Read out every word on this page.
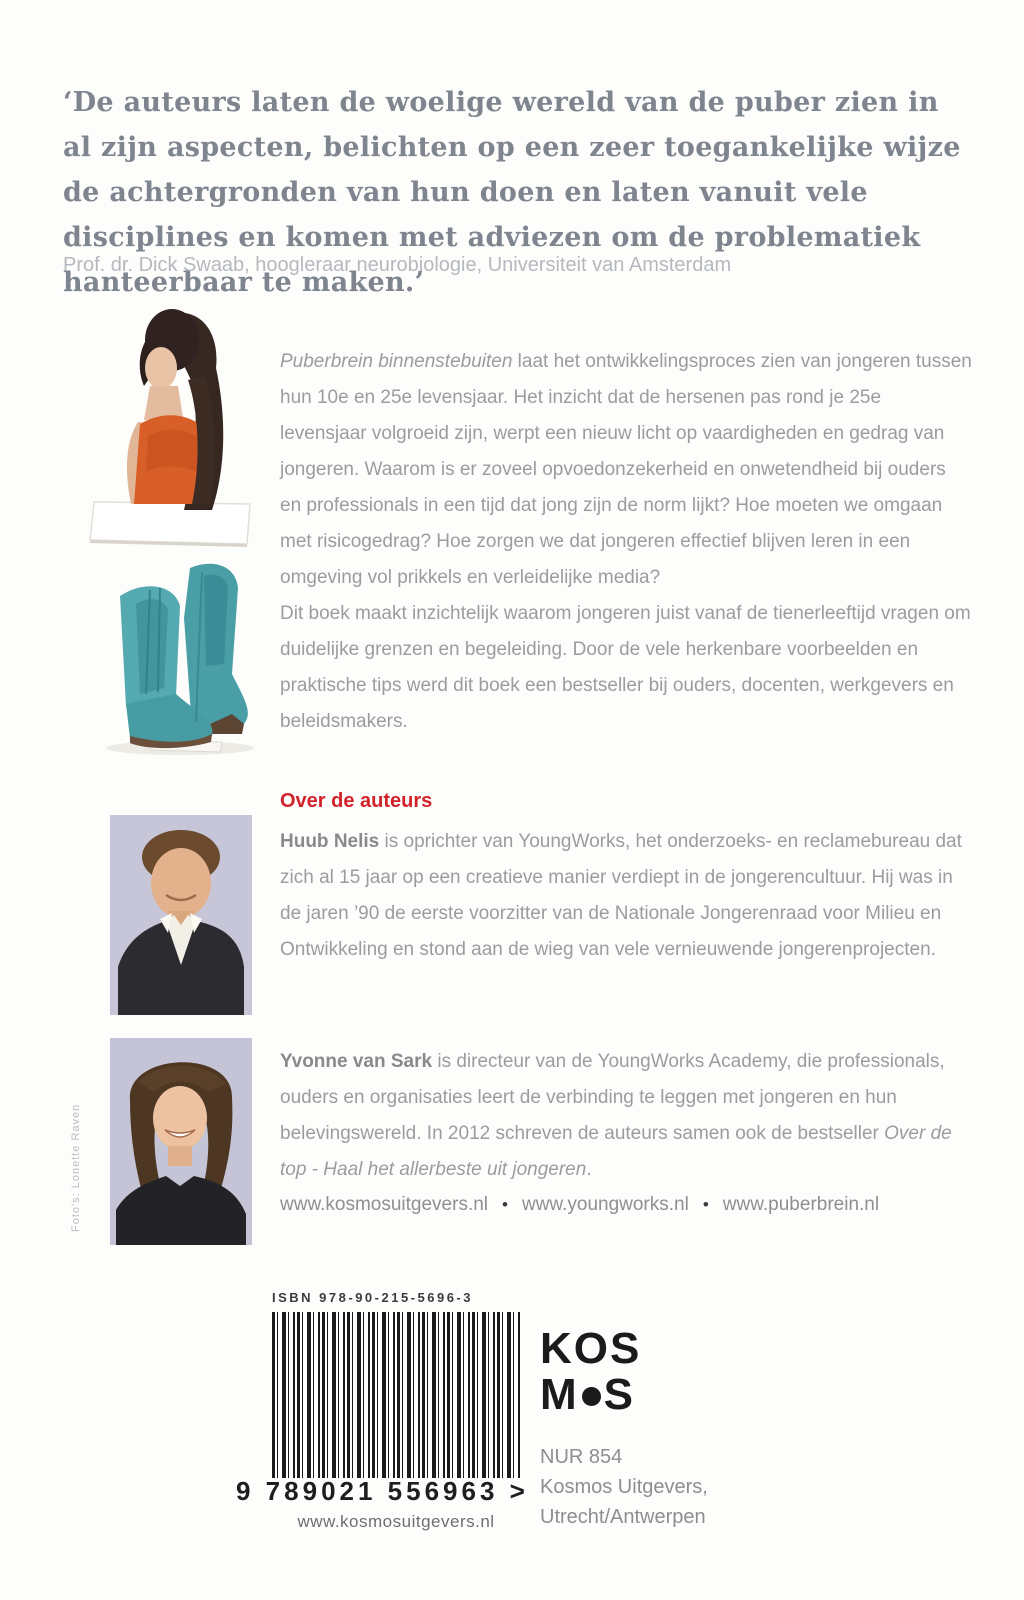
‘De auteurs laten de woelige wereld van de puber zien in al zijn aspecten, belichten op een zeer toegankelijke wijze de achtergronden van hun doen en laten vanuit vele disciplines en komen met adviezen om de problematiek hanteerbaar te maken.’
Prof. dr. Dick Swaab, hoogleraar neurobiologie, Universiteit van Amsterdam
Puberbrein binnenstebuiten laat het ontwikkelingsproces zien van jongeren tussen hun 10e en 25e levensjaar. Het inzicht dat de hersenen pas rond je 25e levensjaar volgroeid zijn, werpt een nieuw licht op vaardigheden en gedrag van jongeren. Waarom is er zoveel opvoedonzekerheid en onwetendheid bij ouders en professionals in een tijd dat jong zijn de norm lijkt? Hoe moeten we omgaan met risicogedrag? Hoe zorgen we dat jongeren effectief blijven leren in een omgeving vol prikkels en verleidelijke media?
Dit boek maakt inzichtelijk waarom jongeren juist vanaf de tienerleeftijd vragen om duidelijke grenzen en begeleiding. Door de vele herkenbare voorbeelden en praktische tips werd dit boek een bestseller bij ouders, docenten, werkgevers en beleidsmakers.
Over de auteurs
Huub Nelis is oprichter van YoungWorks, het onderzoeks- en reclamebureau dat zich al 15 jaar op een creatieve manier verdiept in de jongerencultuur. Hij was in de jaren ’90 de eerste voorzitter van de Nationale Jongerenraad voor Milieu en Ontwikkeling en stond aan de wieg van vele vernieuwende jongerenprojecten.
Foto's: Lonette Raven
Yvonne van Sark is directeur van de YoungWorks Academy, die professionals, ouders en organisaties leert de verbinding te leggen met jongeren en hun belevingswereld. In 2012 schreven de auteurs samen ook de bestseller Over de top - Haal het allerbeste uit jongeren.
www.kosmosuitgevers.nl • www.youngworks.nl • www.puberbrein.nl
ISBN 978-90-215-5696-3
9 789021 556963 >
www.kosmosuitgevers.nl
KOS
M S
NUR 854
Kosmos Uitgevers,
Utrecht/Antwerpen
